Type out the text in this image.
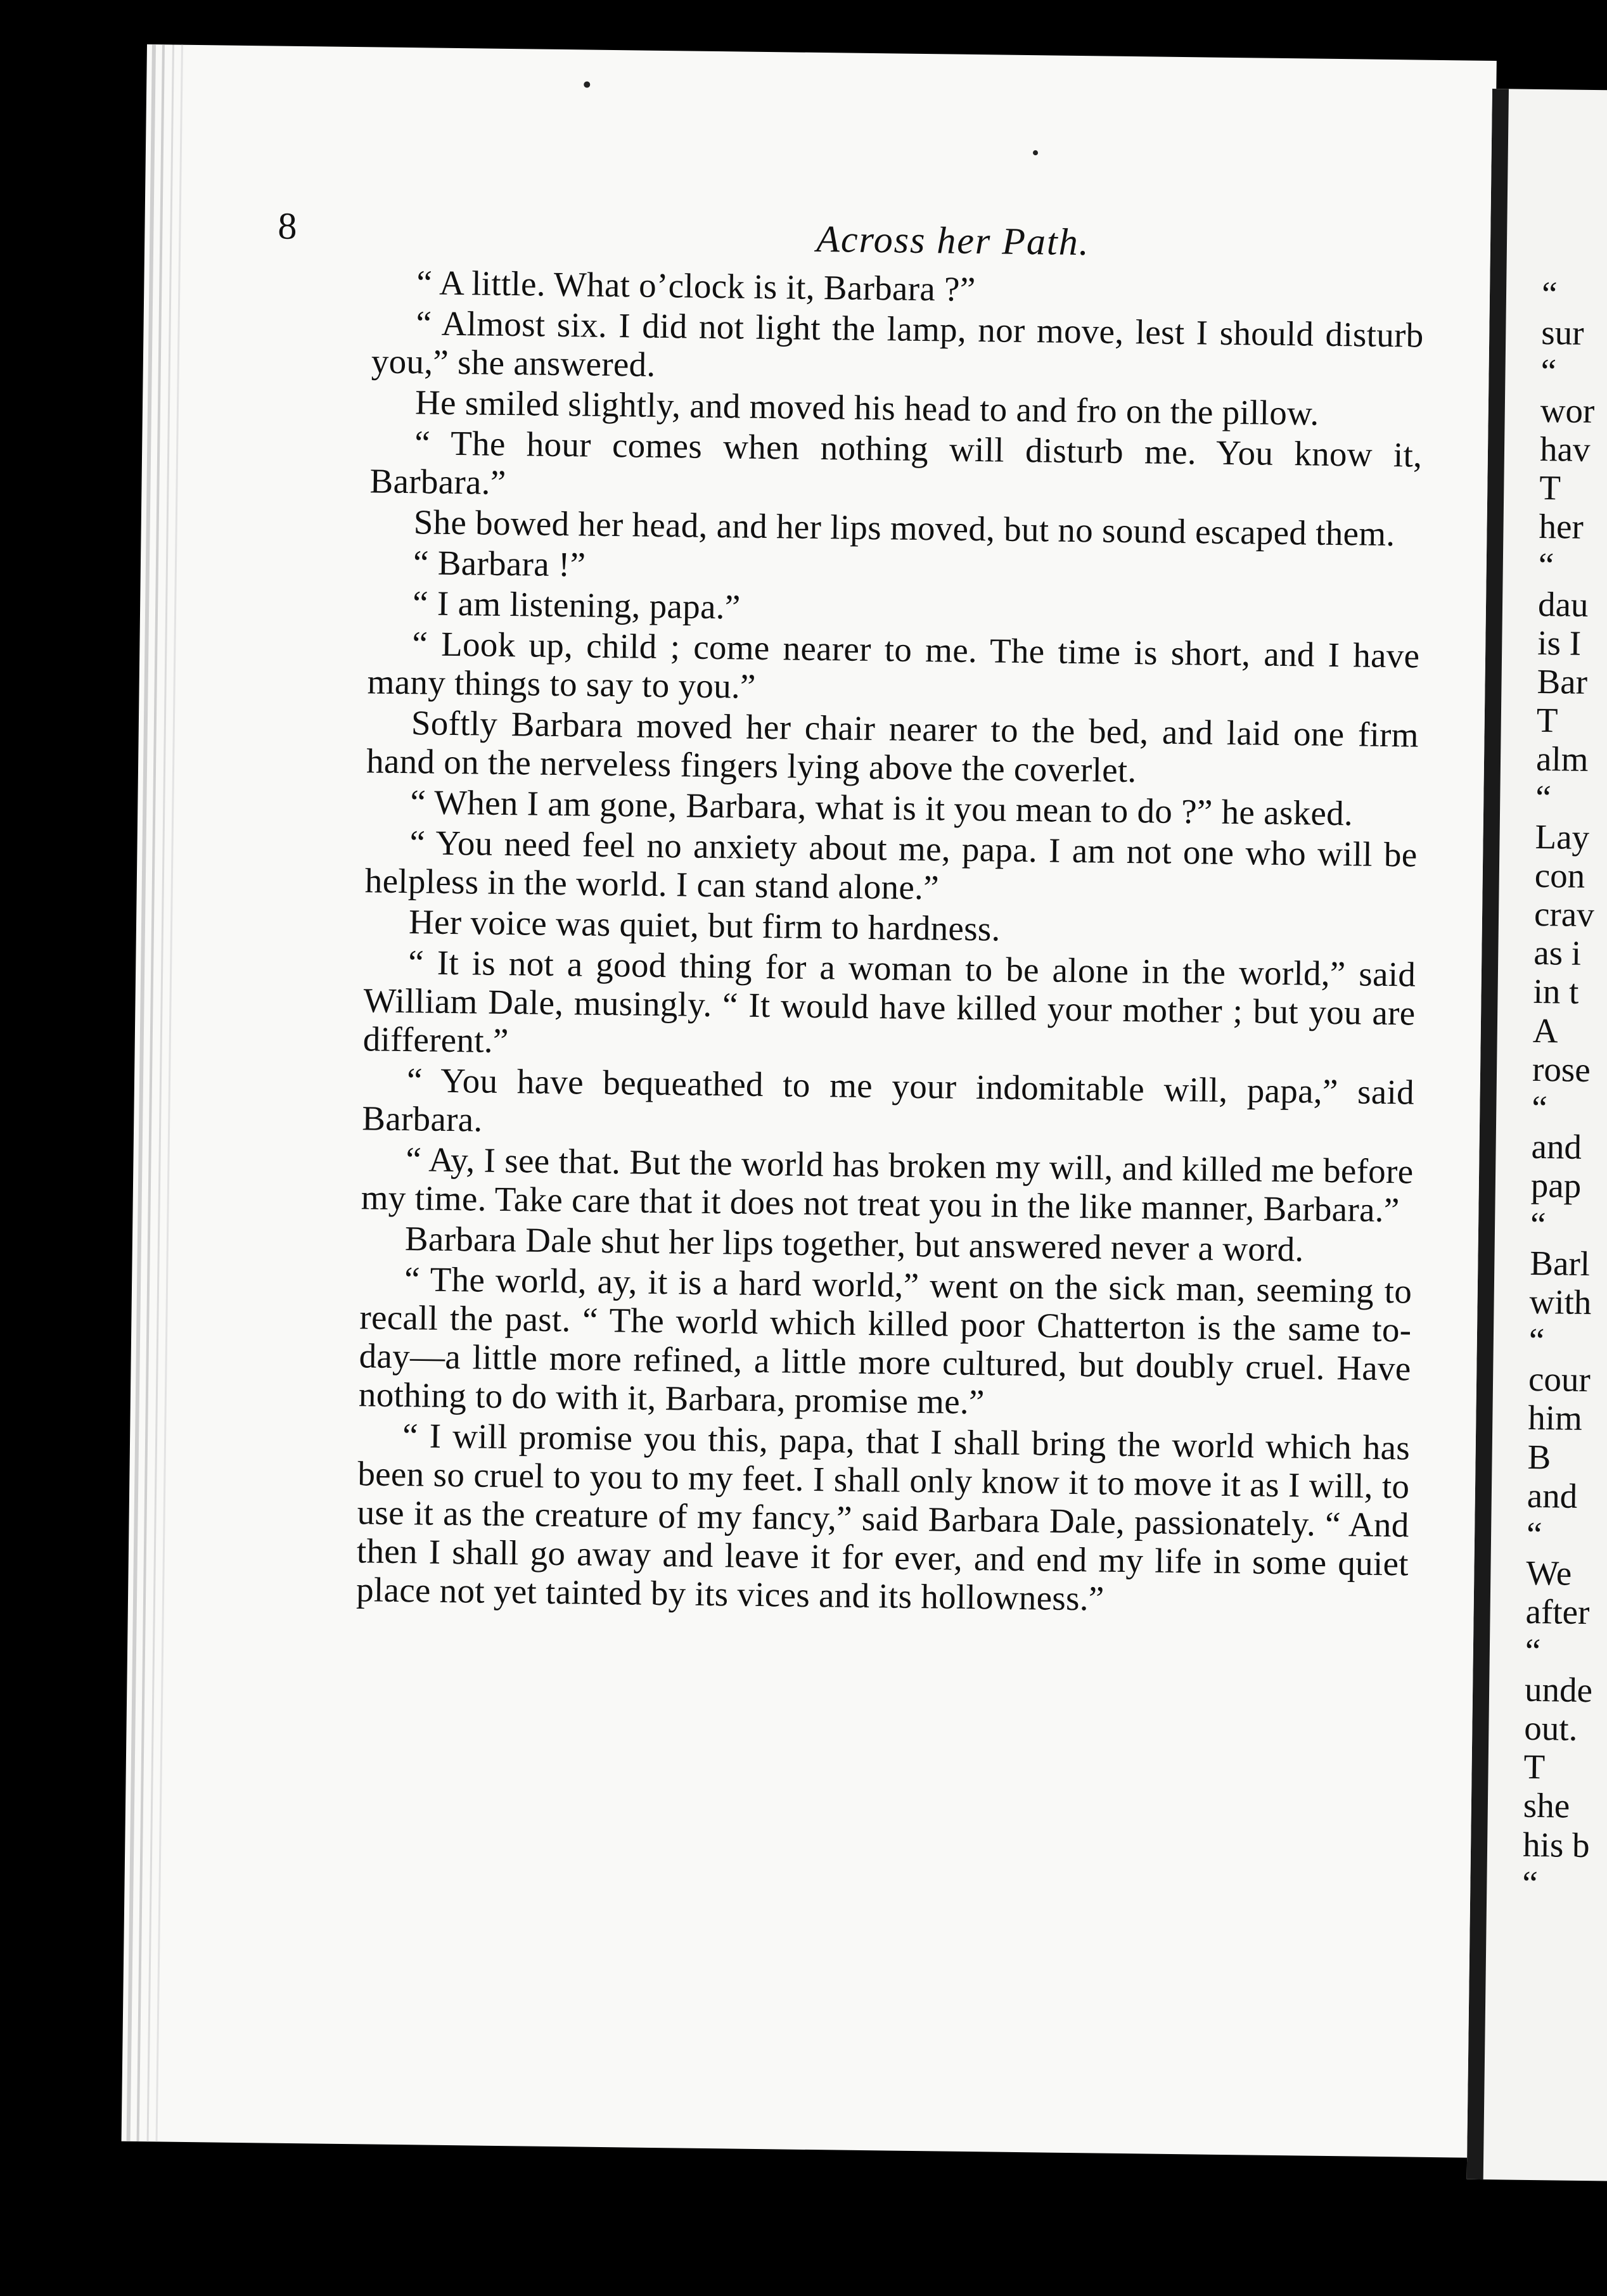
8	Across her Path.

“ A little. What o’clock is it, Barbara ?”

“ Almost six. I did not light the lamp, nor move, lest I should disturb you,” she answered.

He smiled slightly, and moved his head to and fro on the pillow.

“ The hour comes when nothing will disturb me. You know it, Barbara.”

She bowed her head, and her lips moved, but no sound escaped them.

“ Barbara !”

“ I am listening, papa.”

“ Look up, child ; come nearer to me. The time is short, and I have many things to say to you.”

Softly Barbara moved her chair nearer to the bed, and laid one firm hand on the nerveless fingers lying above the coverlet.

“ When I am gone, Barbara, what is it you mean to do ?” he asked.

“ You need feel no anxiety about me, papa. I am not one who will be helpless in the world. I can stand alone.”

Her voice was quiet, but firm to hardness.

“ It is not a good thing for a woman to be alone in the world,” said William Dale, musingly. “ It would have killed your mother ; but you are different.”

“ You have bequeathed to me your indomitable will, papa,” said Barbara.

“ Ay, I see that. But the world has broken my will, and killed me before my time. Take care that it does not treat you in the like manner, Barbara.”

Barbara Dale shut her lips together, but answered never a word.

“ The world, ay, it is a hard world,” went on the sick man, seeming to recall the past. “ The world which killed poor Chatterton is the same to-day—a little more refined, a little more cultured, but doubly cruel. Have nothing to do with it, Barbara, promise me.”

“ I will promise you this, papa, that I shall bring the world which has been so cruel to you to my feet. I shall only know it to move it as I will, to use it as the creature of my fancy,” said Barbara Dale, passionately. “ And then I shall go away and leave it for ever, and end my life in some quiet place not yet tainted by its vices and its hollowness.”

“
sur
“
wor
hav
T
her
“
dau
is I
Bar
T
alm
“
Lay
con
crav
as i
in t
A
rose
“
and
pap
“
Barl
with
“
cour
him
B
and
“
We
after
“
unde
out.
T
she
his b
“
